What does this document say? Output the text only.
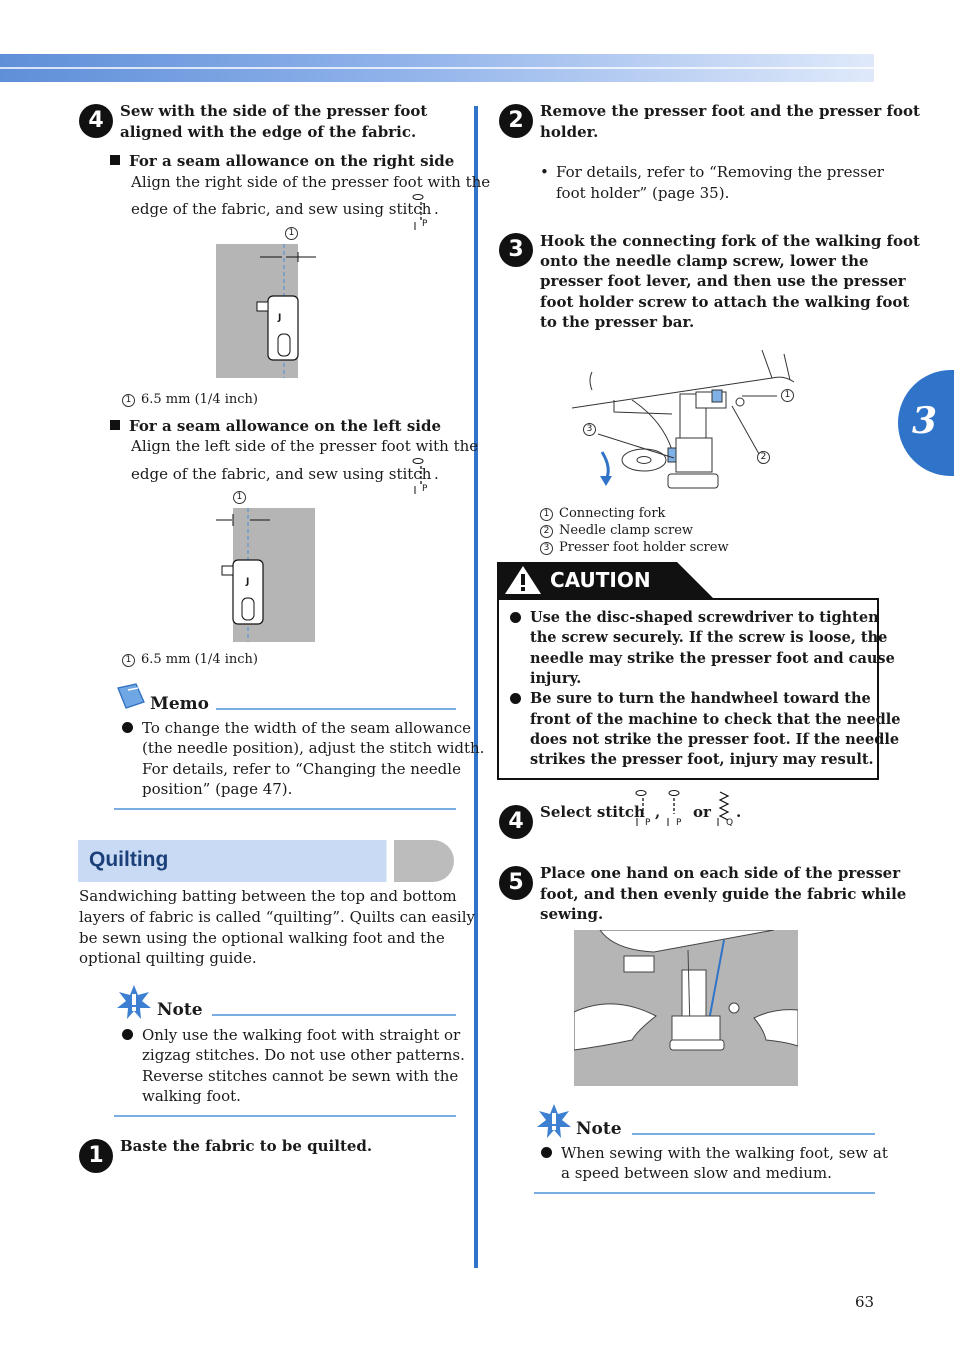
3
4	Sew with the side of the presser foot aligned with the edge of the fabric.
For a seam allowance on the right side
Align the right side of the presser foot with the
edge of the fabric, and sew using stitch
P
.
J
1
1 6.5 mm (1/4 inch)
For a seam allowance on the left side
Align the left side of the presser foot with the
edge of the fabric, and sew using stitch
P
.
J
1
1 6.5 mm (1/4 inch)
Memo
To change the width of the seam allowance
(the needle position), adjust the stitch width.
For details, refer to “Changing the needle
position” (page 47).
Quilting
Sandwiching batting between the top and bottom
layers of fabric is called “quilting”. Quilts can easily
be sewn using the optional walking foot and the
optional quilting guide.
Note
Only use the walking foot with straight or
zigzag stitches. Do not use other patterns.
Reverse stitches cannot be sewn with the
walking foot.
1	Baste the fabric to be quilted.
2	Remove the presser foot and the presser foot
holder.
• For details, refer to “Removing the presser
foot holder” (page 35).
3	Hook the connecting fork of the walking foot
onto the needle clamp screw, lower the
presser foot lever, and then use the presser
foot holder screw to attach the walking foot
to the presser bar.
1
2
3
1 Connecting fork
2 Needle clamp screw
3 Presser foot holder screw
CAUTION
Use the disc-shaped screwdriver to tighten
the screw securely. If the screw is loose, the
needle may strike the presser foot and cause
injury.
Be sure to turn the handwheel toward the
front of the machine to check that the needle
does not strike the presser foot. If the needle
strikes the presser foot, injury may result.
4	Select stitch
P
,
P
or
Q
.
5	Place one hand on each side of the presser
foot, and then evenly guide the fabric while
sewing.
Note
When sewing with the walking foot, sew at
a speed between slow and medium.
63
